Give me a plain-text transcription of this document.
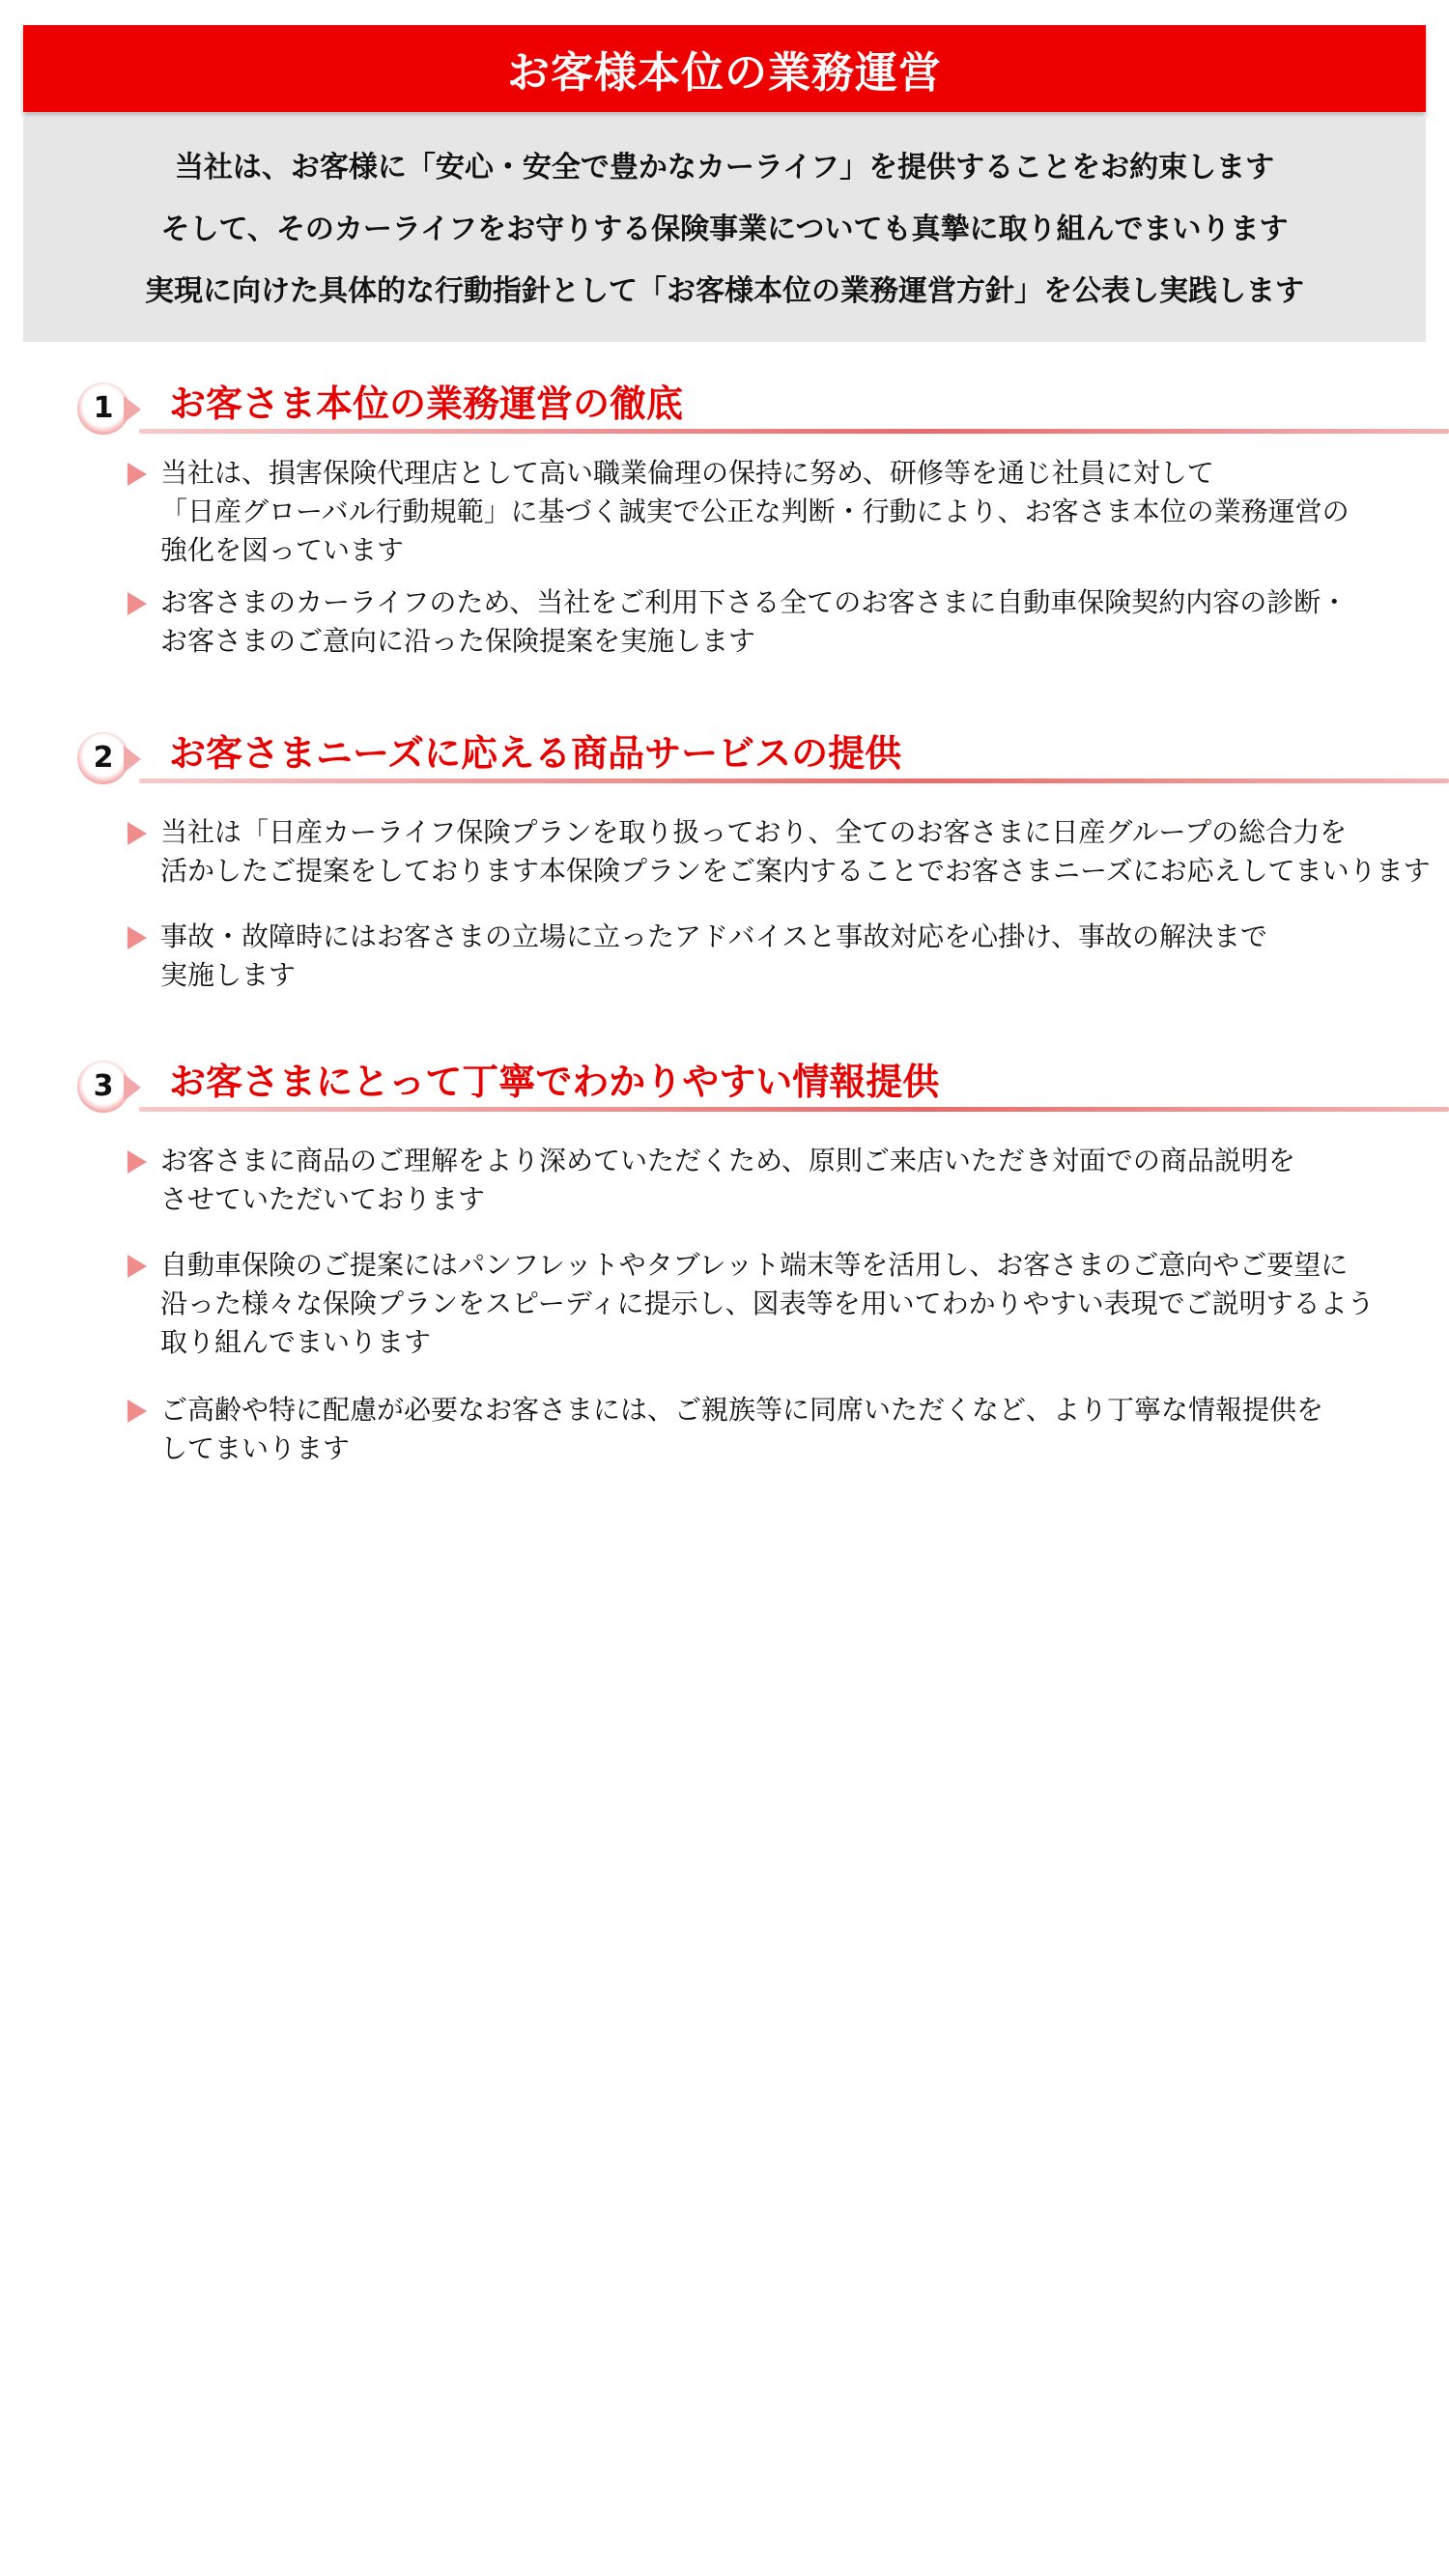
お客様本位の業務運営
当社は、お客様に「安心・安全で豊かなカーライフ」を提供することをお約束します
そして、そのカーライフをお守りする保険事業についても真摯に取り組んでまいります
実現に向けた具体的な行動指針として「お客様本位の業務運営方針」を公表し実践します
1 お客さま本位の業務運営の徹底
当社は、損害保険代理店として高い職業倫理の保持に努め、研修等を通じ社員に対して
「日産グローバル行動規範」に基づく誠実で公正な判断・行動により、お客さま本位の業務運営の
強化を図っています
お客さまのカーライフのため、当社をご利用下さる全てのお客さまに自動車保険契約内容の診断・
お客さまのご意向に沿った保険提案を実施します
2 お客さまニーズに応える商品サービスの提供
当社は「日産カーライフ保険プランを取り扱っており、全てのお客さまに日産グループの総合力を
活かしたご提案をしております本保険プランをご案内することでお客さまニーズにお応えしてまいります
事故・故障時にはお客さまの立場に立ったアドバイスと事故対応を心掛け、事故の解決まで
実施します
3 お客さまにとって丁寧でわかりやすい情報提供
お客さまに商品のご理解をより深めていただくため、原則ご来店いただき対面での商品説明を
させていただいております
自動車保険のご提案にはパンフレットやタブレット端末等を活用し、お客さまのご意向やご要望に
沿った様々な保険プランをスピーディに提示し、図表等を用いてわかりやすい表現でご説明するよう
取り組んでまいります
ご高齢や特に配慮が必要なお客さまには、ご親族等に同席いただくなど、より丁寧な情報提供を
してまいります
